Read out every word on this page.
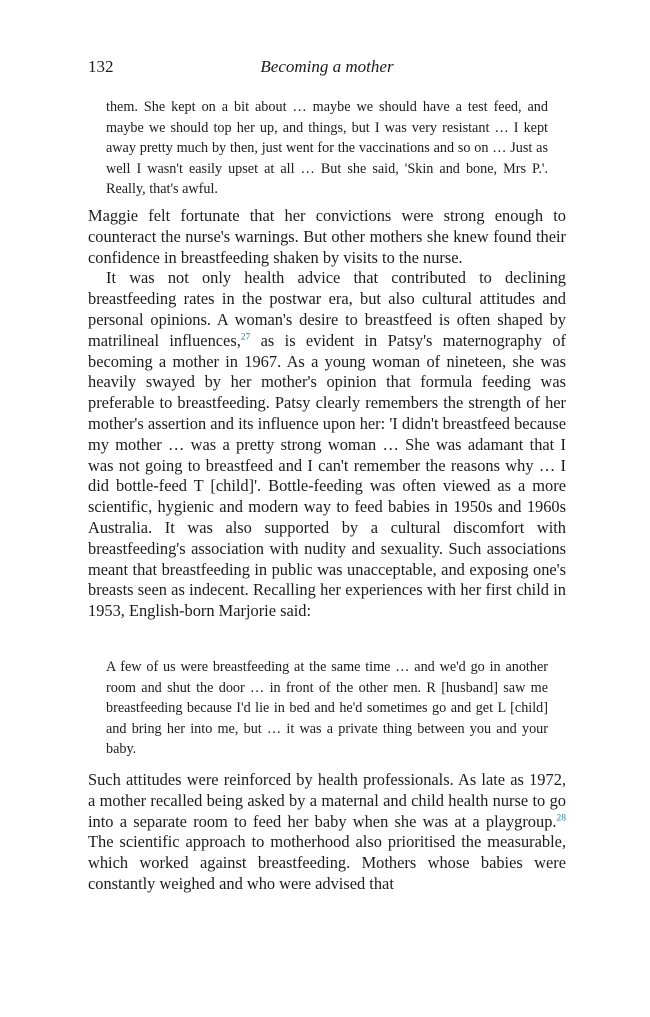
132	Becoming a mother
them. She kept on a bit about … maybe we should have a test feed, and maybe we should top her up, and things, but I was very resistant … I kept away pretty much by then, just went for the vaccinations and so on … Just as well I wasn't easily upset at all … But she said, 'Skin and bone, Mrs P.'. Really, that's awful.

Maggie felt fortunate that her convictions were strong enough to counteract the nurse's warnings. But other mothers she knew found their confidence in breastfeeding shaken by visits to the nurse.

It was not only health advice that contributed to declining breastfeeding rates in the postwar era, but also cultural attitudes and personal opinions. A woman's desire to breastfeed is often shaped by matrilineal influences,$^{27}$ as is evident in Patsy's maternography of becoming a mother in 1967. As a young woman of nineteen, she was heavily swayed by her mother's opinion that formula feeding was preferable to breastfeeding. Patsy clearly remembers the strength of her mother's assertion and its influence upon her: 'I didn't breastfeed because my mother … was a pretty strong woman … She was adamant that I was not going to breastfeed and I can't remember the reasons why … I did bottle-feed T [child]'. Bottle-feeding was often viewed as a more scientific, hygienic and modern way to feed babies in 1950s and 1960s Australia. It was also supported by a cultural discomfort with breastfeeding's association with nudity and sexuality. Such associations meant that breastfeeding in public was unacceptable, and exposing one's breasts seen as indecent. Recalling her experiences with her first child in 1953, English-born Marjorie said:

A few of us were breastfeeding at the same time … and we'd go in another room and shut the door … in front of the other men. R [husband] saw me breastfeeding because I'd lie in bed and he'd sometimes go and get L [child] and bring her into me, but … it was a private thing between you and your baby.

Such attitudes were reinforced by health professionals. As late as 1972, a mother recalled being asked by a maternal and child health nurse to go into a separate room to feed her baby when she was at a playgroup.$^{28}$ The scientific approach to motherhood also prioritised the measurable, which worked against breastfeeding. Mothers whose babies were constantly weighed and who were advised that
